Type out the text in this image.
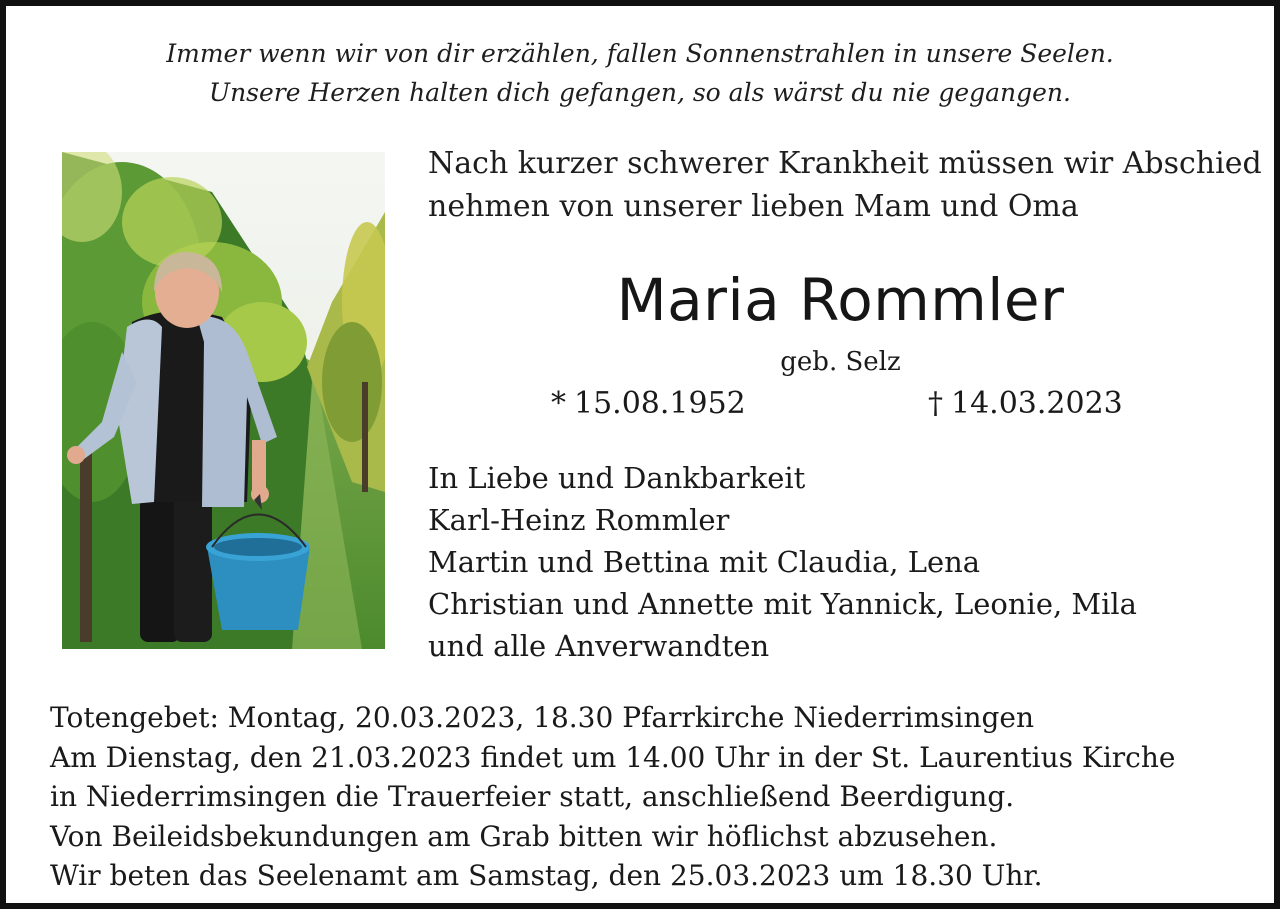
Immer wenn wir von dir erzählen, fallen Sonnenstrahlen in unsere Seelen.
Unsere Herzen halten dich gefangen, so als wärst du nie gegangen.
Nach kurzer schwerer Krankheit müssen wir Abschied
nehmen von unserer lieben Mam und Oma
Maria Rommler
geb. Selz
* 15.08.1952	† 14.03.2023
In Liebe und Dankbarkeit
Karl-Heinz Rommler
Martin und Bettina mit Claudia, Lena
Christian und Annette mit Yannick, Leonie, Mila
und alle Anverwandten
Totengebet: Montag, 20.03.2023, 18.30 Pfarrkirche Niederrimsingen
Am Dienstag, den 21.03.2023 findet um 14.00 Uhr in der St. Laurentius Kirche
in Niederrimsingen die Trauerfeier statt, anschließend Beerdigung.
Von Beileidsbekundungen am Grab bitten wir höflichst abzusehen.
Wir beten das Seelenamt am Samstag, den 25.03.2023 um 18.30 Uhr.
